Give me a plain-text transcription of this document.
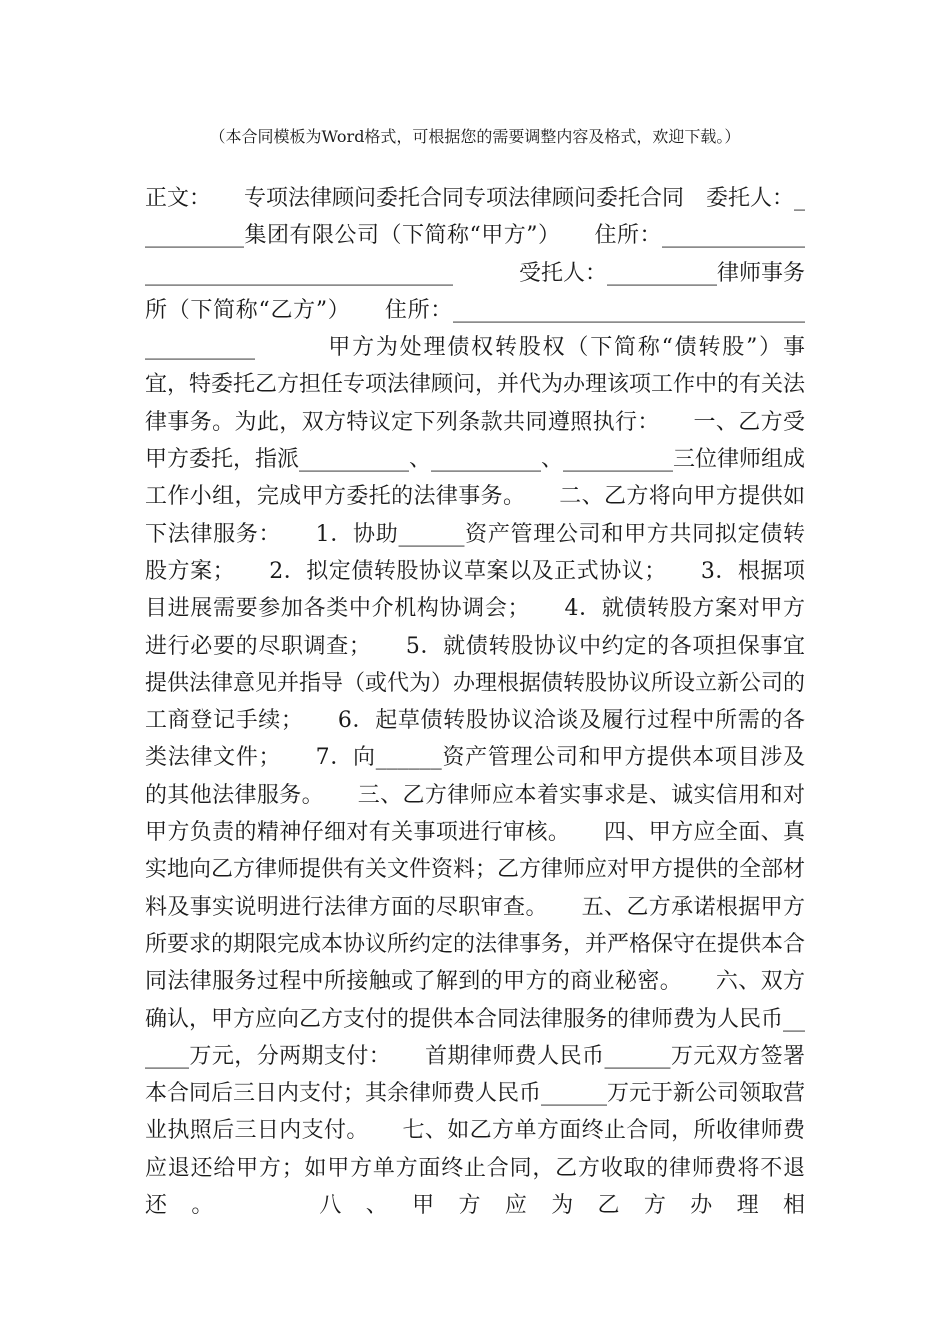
（本合同模板为Word格式，可根据您的需要调整内容及格式，欢迎下载。）
正文：　　专项法律顾问委托合同专项法律顾问委托合同　委托人：__________集团有限公司（下简称“甲方”）　　住所：_________________________________________　　　受托人：__________律师事务所（下简称“乙方”）　　住所：__________________________________________　　　甲方为处理债权转股权（下简称“债转股”）事宜，特委托乙方担任专项法律顾问，并代为办理该项工作中的有关法律事务。为此，双方特议定下列条款共同遵照执行：　　一、乙方受甲方委托，指派__________、__________、__________三位律师组成工作小组，完成甲方委托的法律事务。　　二、乙方将向甲方提供如下法律服务：　　1．协助______资产管理公司和甲方共同拟定债转股方案；　　2．拟定债转股协议草案以及正式协议；　　3．根据项目进展需要参加各类中介机构协调会；　　4．就债转股方案对甲方进行必要的尽职调查；　　5．就债转股协议中约定的各项担保事宜提供法律意见并指导（或代为）办理根据债转股协议所设立新公司的工商登记手续；　　6．起草债转股协议洽谈及履行过程中所需的各类法律文件；　　7．向______资产管理公司和甲方提供本项目涉及的其他法律服务。　　三、乙方律师应本着实事求是、诚实信用和对甲方负责的精神仔细对有关事项进行审核。　　四、甲方应全面、真实地向乙方律师提供有关文件资料；乙方律师应对甲方提供的全部材料及事实说明进行法律方面的尽职审查。　　五、乙方承诺根据甲方所要求的期限完成本协议所约定的法律事务，并严格保守在提供本合同法律服务过程中所接触或了解到的甲方的商业秘密。　　六、双方确认，甲方应向乙方支付的提供本合同法律服务的律师费为人民币______万元，分两期支付：　　首期律师费人民币______万元双方签署本合同后三日内支付；其余律师费人民币______万元于新公司领取营业执照后三日内支付。　　七、如乙方单方面终止合同，所收律师费应退还给甲方；如甲方单方面终止合同，乙方收取的律师费将不退还。　　八、甲方应为乙方办理相
